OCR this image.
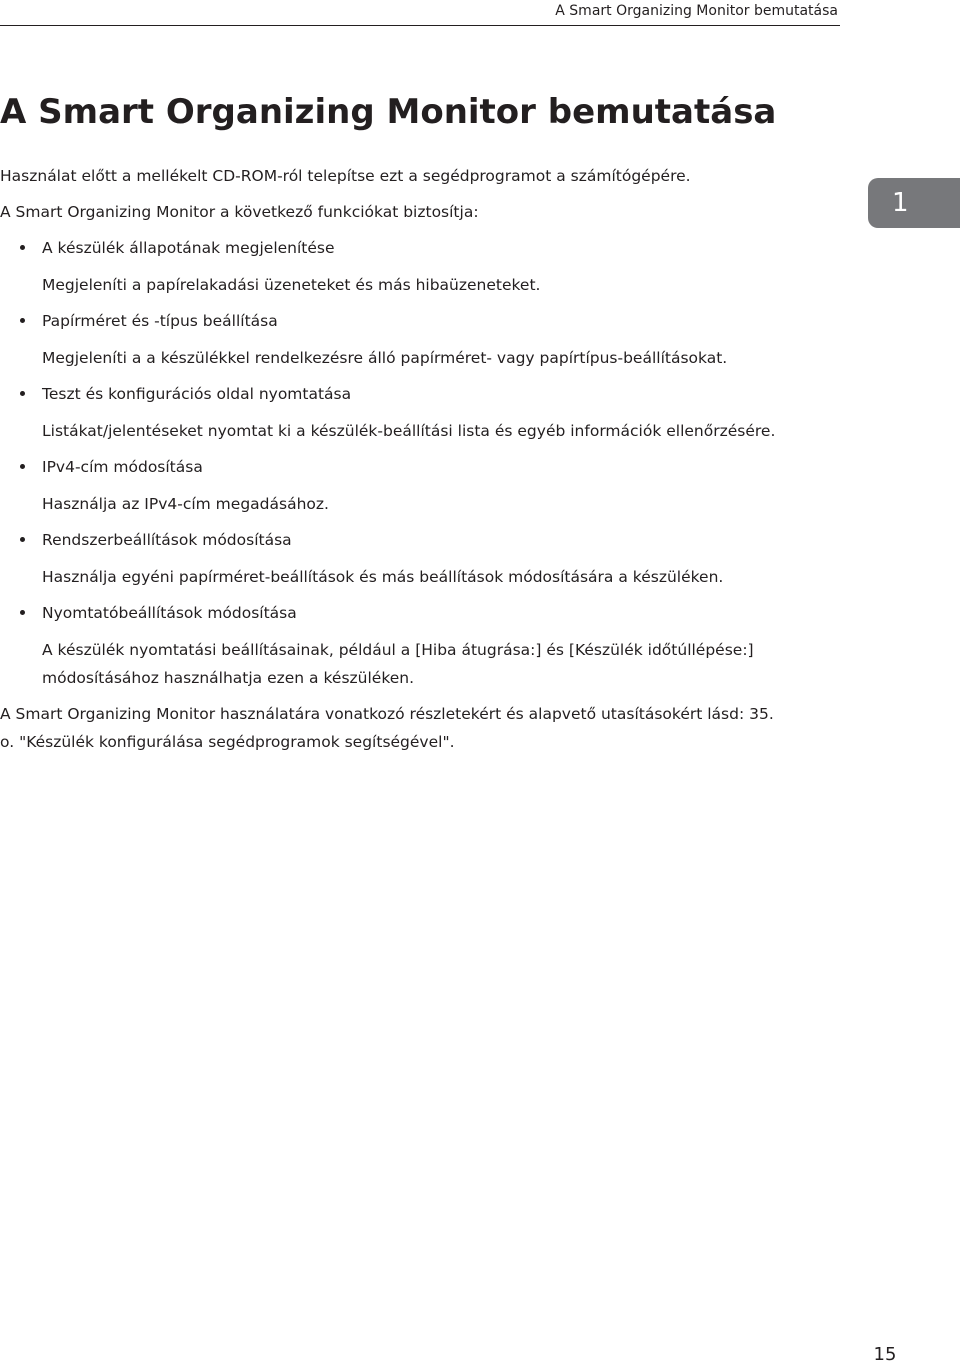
A Smart Organizing Monitor bemutatása
A Smart Organizing Monitor bemutatása
1

Használat előtt a mellékelt CD-ROM-ról telepítse ezt a segédprogramot a számítógépére.

A Smart Organizing Monitor a következő funkciókat biztosítja:

A készülék állapotának megjelenítése

Megjeleníti a papírelakadási üzeneteket és más hibaüzeneteket.

Papírméret és -típus beállítása

Megjeleníti a a készülékkel rendelkezésre álló papírméret- vagy papírtípus-beállításokat.

Teszt és konfigurációs oldal nyomtatása

Listákat/jelentéseket nyomtat ki a készülék-beállítási lista és egyéb információk ellenőrzésére.

IPv4-cím módosítása

Használja az IPv4-cím megadásához.

Rendszerbeállítások módosítása

Használja egyéni papírméret-beállítások és más beállítások módosítására a készüléken.

Nyomtatóbeállítások módosítása

A készülék nyomtatási beállításainak, például a [Hiba átugrása:] és [Készülék időtúllépése:]

módosításához használhatja ezen a készüléken.

A Smart Organizing Monitor használatára vonatkozó részletekért és alapvető utasításokért lásd: 35.

o. "Készülék konfigurálása segédprogramok segítségével".

15
